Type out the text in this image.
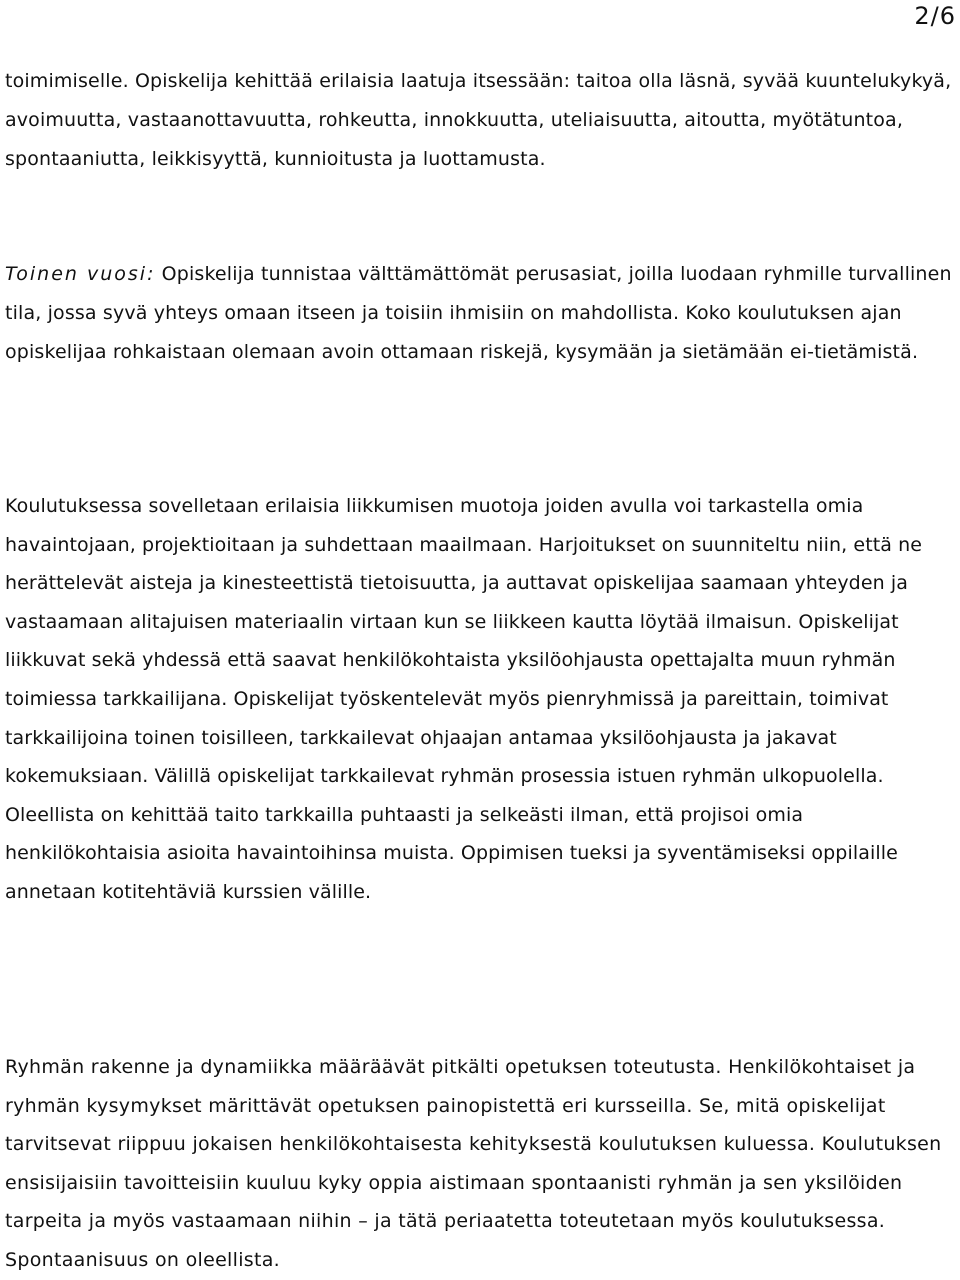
2/6

toimimiselle. Opiskelija kehittää erilaisia laatuja itsessään: taitoa olla läsnä, syvää kuuntelukykyä, avoimuutta, vastaanottavuutta, rohkeutta, innokkuutta, uteliaisuutta, aitoutta, myötätuntoa, spontaaniutta, leikkisyyttä, kunnioitusta ja luottamusta.

Toinen vuosi: Opiskelija tunnistaa välttämättömät perusasiat, joilla luodaan ryhmille turvallinen tila, jossa syvä yhteys omaan itseen ja toisiin ihmisiin on mahdollista. Koko koulutuksen ajan opiskelijaa rohkaistaan olemaan avoin ottamaan riskejä, kysymään ja sietämään ei-tietämistä.

Koulutuksessa sovelletaan erilaisia liikkumisen muotoja joiden avulla voi tarkastella omia havaintojaan, projektioitaan ja suhdettaan maailmaan. Harjoitukset on suunniteltu niin, että ne herättelevät aisteja ja kinesteettistä tietoisuutta, ja auttavat opiskelijaa saamaan yhteyden ja vastaamaan alitajuisen materiaalin virtaan kun se liikkeen kautta löytää ilmaisun. Opiskelijat liikkuvat sekä yhdessä että saavat henkilökohtaista yksilöohjausta opettajalta muun ryhmän toimiessa tarkkailijana. Opiskelijat työskentelevät myös pienryhmissä ja pareittain, toimivat tarkkailijoina toinen toisilleen, tarkkailevat ohjaajan antamaa yksilöohjausta ja jakavat kokemuksiaan. Välillä opiskelijat tarkkailevat ryhmän prosessia istuen ryhmän ulkopuolella. Oleellista on kehittää taito tarkkailla puhtaasti ja selkeästi ilman, että projisoi omia henkilökohtaisia asioita havaintoihinsa muista. Oppimisen tueksi ja syventämiseksi oppilaille annetaan kotitehtäviä kurssien välille.

Ryhmän rakenne ja dynamiikka määräävät pitkälti opetuksen toteutusta. Henkilökohtaiset ja ryhmän kysymykset märittävät opetuksen painopistettä eri kursseilla. Se, mitä opiskelijat tarvitsevat riippuu jokaisen henkilökohtaisesta kehityksestä koulutuksen kuluessa. Koulutuksen ensisijaisiin tavoitteisiin kuuluu kyky oppia aistimaan spontaanisti ryhmän ja sen yksilöiden tarpeita ja myös vastaamaan niihin – ja tätä periaatetta toteutetaan myös koulutuksessa. Spontaanisuus on oleellista.
